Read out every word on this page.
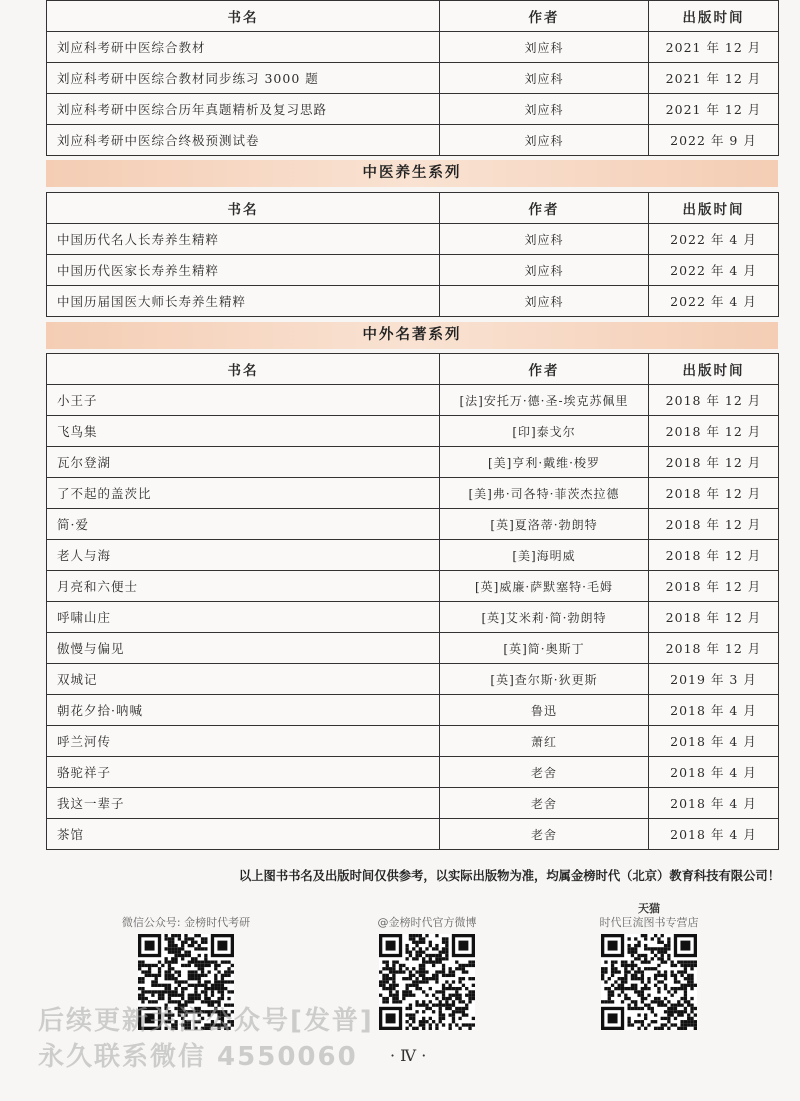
书名	作者	出版时间
刘应科考研中医综合教材	刘应科	2021 年 12 月
刘应科考研中医综合教材同步练习 3000 题	刘应科	2021 年 12 月
刘应科考研中医综合历年真题精析及复习思路	刘应科	2021 年 12 月
刘应科考研中医综合终极预测试卷	刘应科	2022 年 9 月
中医养生系列
书名	作者	出版时间
中国历代名人长寿养生精粹	刘应科	2022 年 4 月
中国历代医家长寿养生精粹	刘应科	2022 年 4 月
中国历届国医大师长寿养生精粹	刘应科	2022 年 4 月
中外名著系列
书名	作者	出版时间
小王子	[法]安托万·德·圣-埃克苏佩里	2018 年 12 月
飞鸟集	[印]泰戈尔	2018 年 12 月
瓦尔登湖	[美]亨利·戴维·梭罗	2018 年 12 月
了不起的盖茨比	[美]弗·司各特·菲茨杰拉德	2018 年 12 月
简·爱	[英]夏洛蒂·勃朗特	2018 年 12 月
老人与海	[美]海明威	2018 年 12 月
月亮和六便士	[英]威廉·萨默塞特·毛姆	2018 年 12 月
呼啸山庄	[英]艾米莉·简·勃朗特	2018 年 12 月
傲慢与偏见	[英]简·奥斯丁	2018 年 12 月
双城记	[英]查尔斯·狄更斯	2019 年 3 月
朝花夕拾·呐喊	鲁迅	2018 年 4 月
呼兰河传	萧红	2018 年 4 月
骆驼祥子	老舍	2018 年 4 月
我这一辈子	老舍	2018 年 4 月
茶馆	老舍	2018 年 4 月
以上图书书名及出版时间仅供参考，以实际出版物为准，均属金榜时代（北京）教育科技有限公司！
微信公众号: 金榜时代考研	@金榜时代官方微博
天猫
时代巨流图书专营店
后续更新关注公众号[发普]
永久联系微信 4550060 · Ⅳ ·
